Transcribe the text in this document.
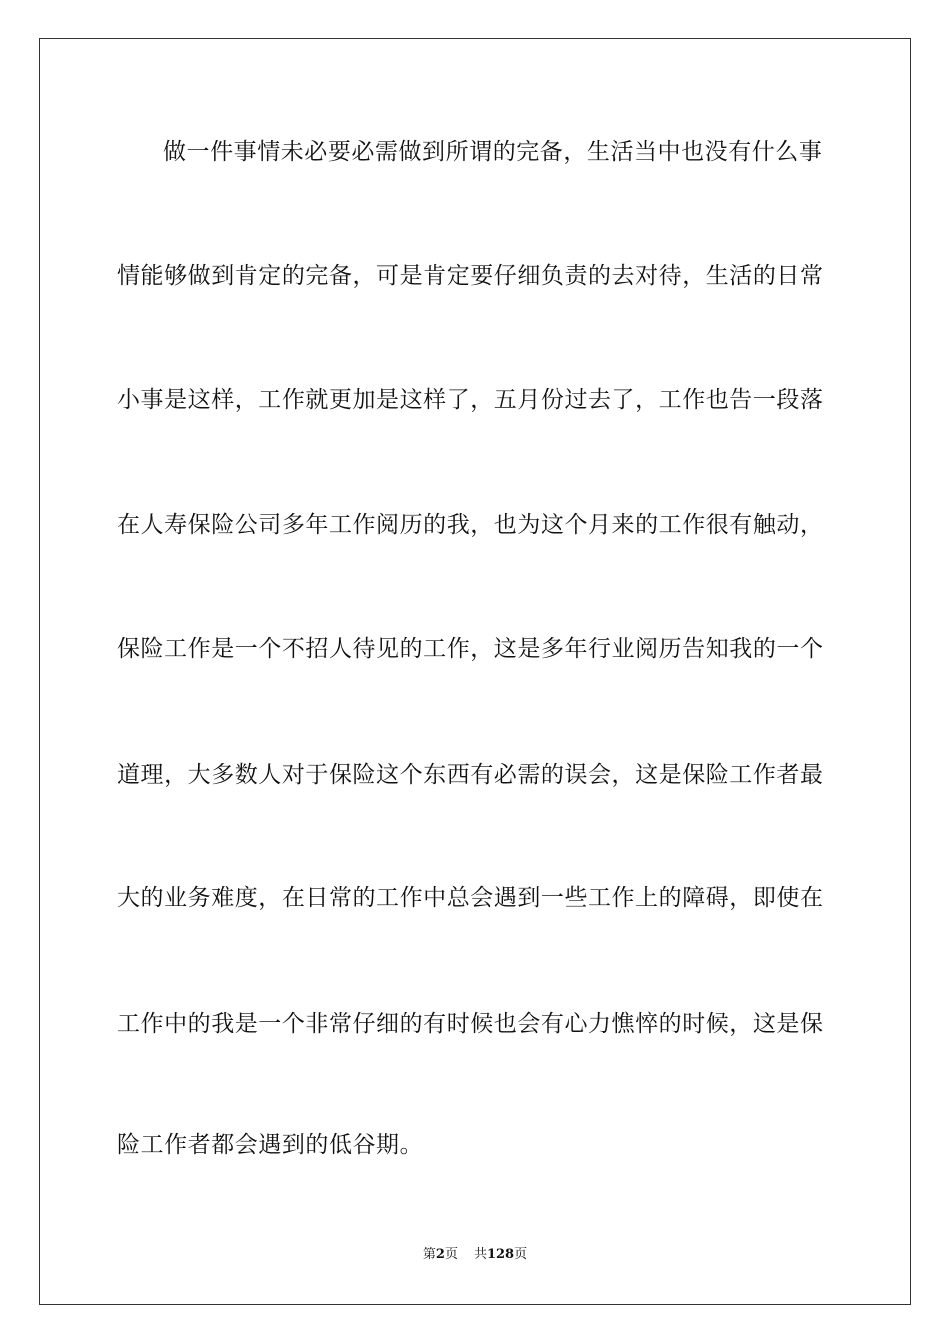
做一件事情未必要必需做到所谓的完备，生活当中也没有什么事
情能够做到肯定的完备，可是肯定要仔细负责的去对待，生活的日常
小事是这样，工作就更加是这样了，五月份过去了，工作也告一段落
在人寿保险公司多年工作阅历的我，也为这个月来的工作很有触动，
保险工作是一个不招人待见的工作，这是多年行业阅历告知我的一个
道理，大多数人对于保险这个东西有必需的误会，这是保险工作者最
大的业务难度，在日常的工作中总会遇到一些工作上的障碍，即使在
工作中的我是一个非常仔细的有时候也会有心力憔悴的时候，这是保
险工作者都会遇到的低谷期。
第2页 共128页
